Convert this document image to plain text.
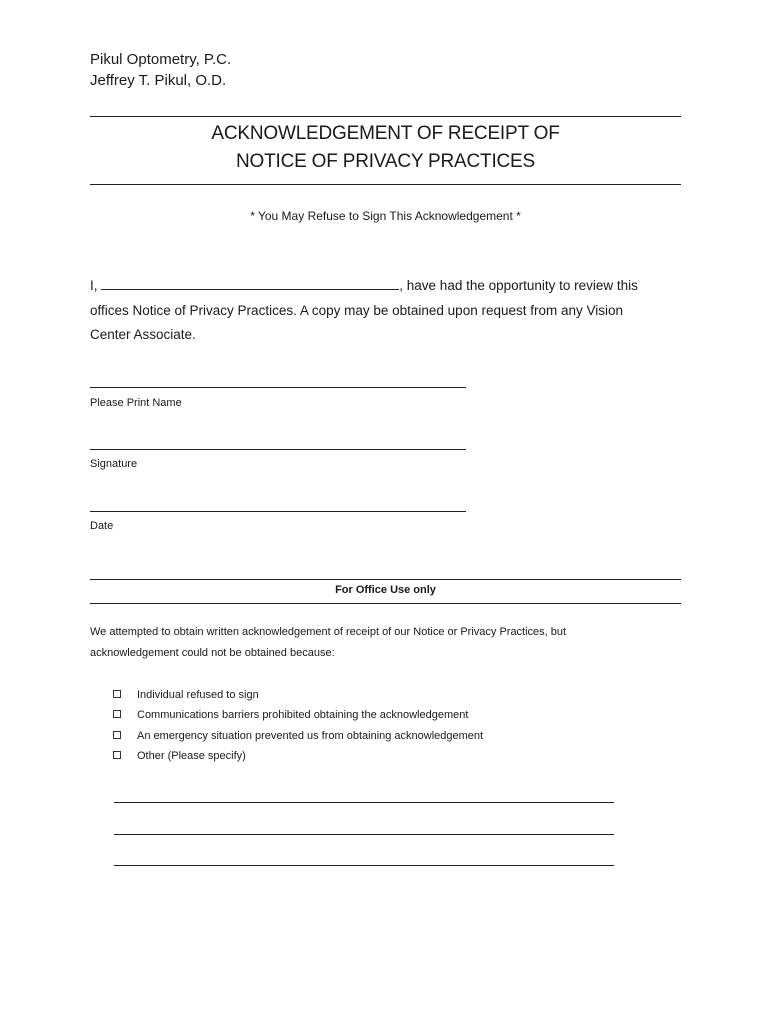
Pikul Optometry, P.C.
Jeffrey T. Pikul, O.D.
ACKNOWLEDGEMENT OF RECEIPT OF
NOTICE OF PRIVACY PRACTICES
* You May Refuse to Sign This Acknowledgement *
I,	, have had the opportunity to review this
offices Notice of Privacy Practices. A copy may be obtained upon request from any Vision
Center Associate.
Please Print Name
Signature
Date
For Office Use only
We attempted to obtain written acknowledgement of receipt of our Notice or Privacy Practices, but
acknowledgement could not be obtained because:
Individual refused to sign
Communications barriers prohibited obtaining the acknowledgement
An emergency situation prevented us from obtaining acknowledgement
Other (Please specify)
